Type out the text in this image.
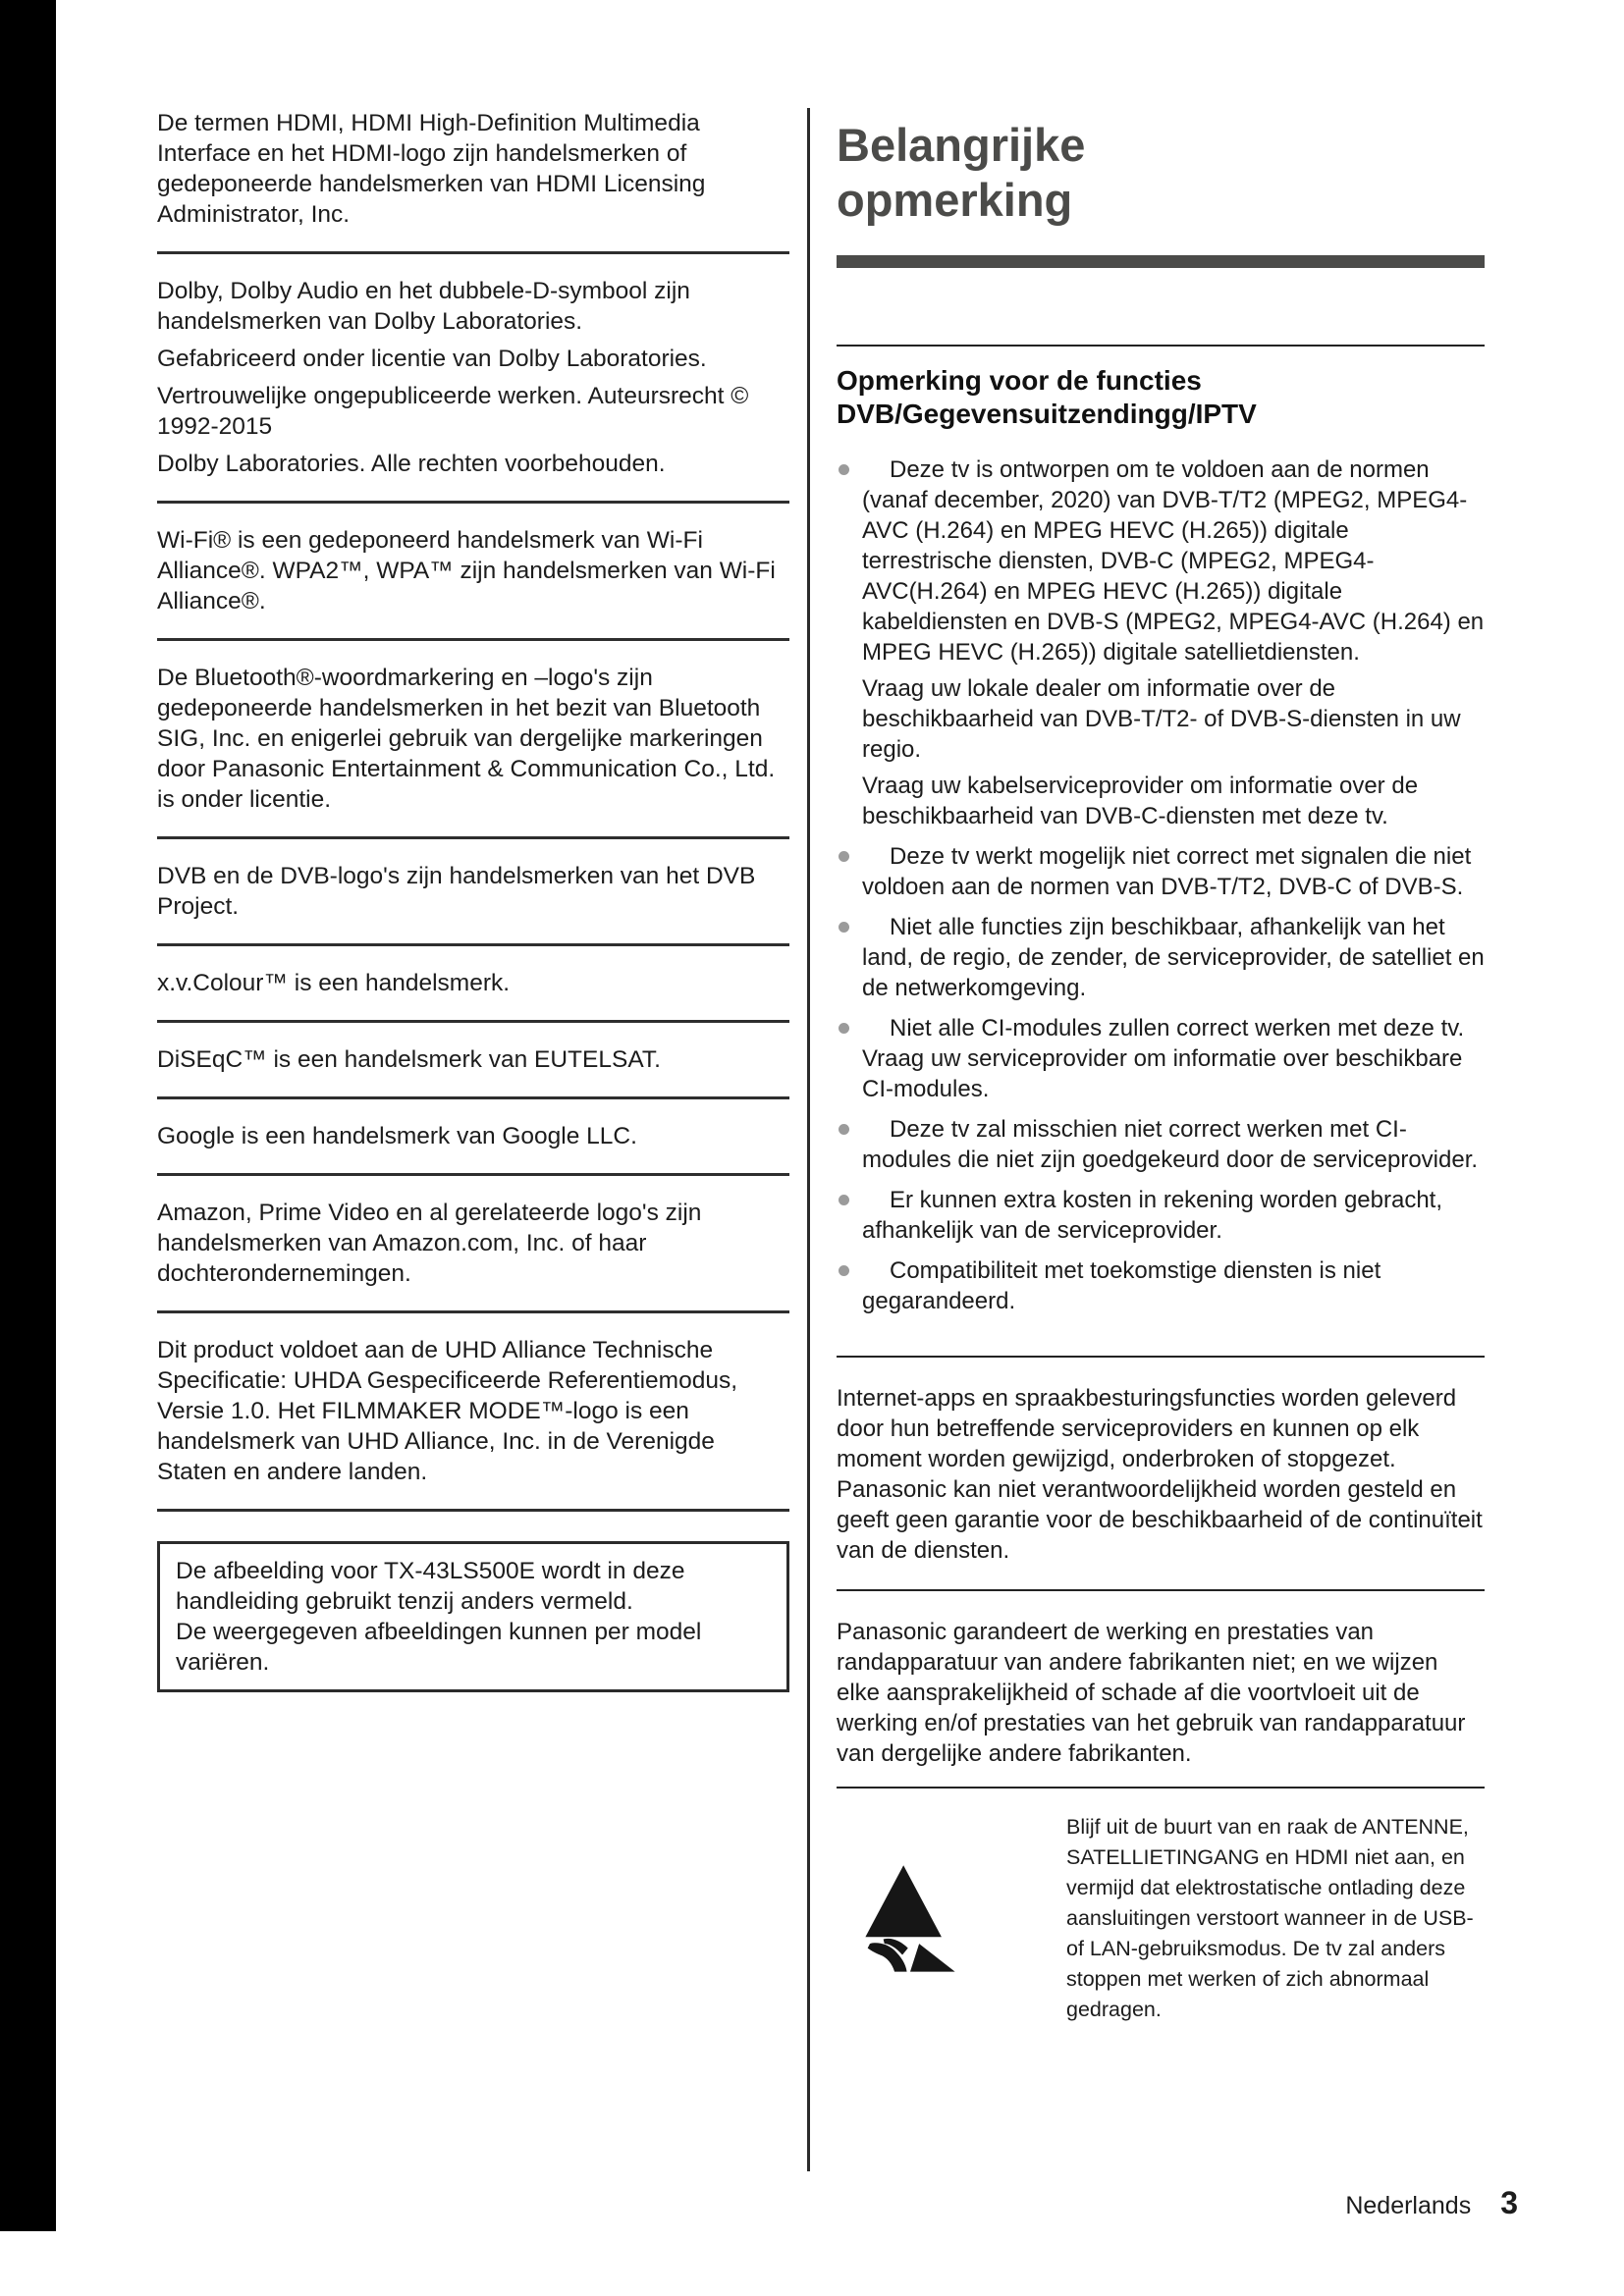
De termen HDMI, HDMI High-Definition Multimedia Interface en het HDMI-logo zijn handelsmerken of gedeponeerde handelsmerken van HDMI Licensing Administrator, Inc.

Dolby, Dolby Audio en het dubbele-D-symbool zijn handelsmerken van Dolby Laboratories.

Gefabriceerd onder licentie van Dolby Laboratories.

Vertrouwelijke ongepubliceerde werken. Auteursrecht © 1992-2015

Dolby Laboratories. Alle rechten voorbehouden.

Wi-Fi® is een gedeponeerd handelsmerk van Wi-Fi Alliance®. WPA2™, WPA™ zijn handelsmerken van Wi-Fi Alliance®.

De Bluetooth®-woordmarkering en –logo's zijn gedeponeerde handelsmerken in het bezit van Bluetooth SIG, Inc. en enigerlei gebruik van dergelijke markeringen door Panasonic Entertainment & Communication Co., Ltd. is onder licentie.

DVB en de DVB-logo's zijn handelsmerken van het DVB Project.

x.v.Colour™ is een handelsmerk.

DiSEqC™ is een handelsmerk van EUTELSAT.

Google is een handelsmerk van Google LLC.

Amazon, Prime Video en al gerelateerde logo's zijn handelsmerken van Amazon.com, Inc. of haar dochterondernemingen.

Dit product voldoet aan de UHD Alliance Technische Specificatie: UHDA Gespecificeerde Referentiemodus, Versie 1.0. Het FILMMAKER MODE™-logo is een handelsmerk van UHD Alliance, Inc. in de Verenigde Staten en andere landen.

De afbeelding voor TX-43LS500E wordt in deze handleiding gebruikt tenzij anders vermeld.

De weergegeven afbeeldingen kunnen per model variëren.

Belangrijke
opmerking
Opmerking voor de functies
DVB/Gegevensuitzendingg/IPTV

Deze tv is ontworpen om te voldoen aan de normen (vanaf december, 2020) van DVB-T/T2 (MPEG2, MPEG4-AVC (H.264) en MPEG HEVC (H.265)) digitale terrestrische diensten, DVB-C (MPEG2, MPEG4-AVC(H.264) en MPEG HEVC (H.265)) digitale kabeldiensten en DVB-S (MPEG2, MPEG4-AVC (H.264) en MPEG HEVC (H.265)) digitale satellietdiensten.

Vraag uw lokale dealer om informatie over de beschikbaarheid van DVB-T/T2- of DVB-S-diensten in uw regio.

Vraag uw kabelserviceprovider om informatie over de beschikbaarheid van DVB-C-diensten met deze tv.

Deze tv werkt mogelijk niet correct met signalen die niet voldoen aan de normen van DVB-T/T2, DVB-C of DVB-S.

Niet alle functies zijn beschikbaar, afhankelijk van het land, de regio, de zender, de serviceprovider, de satelliet en de netwerkomgeving.

Niet alle CI-modules zullen correct werken met deze tv. Vraag uw serviceprovider om informatie over beschikbare CI-modules.

Deze tv zal misschien niet correct werken met CI-modules die niet zijn goedgekeurd door de serviceprovider.

Er kunnen extra kosten in rekening worden gebracht, afhankelijk van de serviceprovider.

Compatibiliteit met toekomstige diensten is niet gegarandeerd.

Internet-apps en spraakbesturingsfuncties worden geleverd door hun betreffende serviceproviders en kunnen op elk moment worden gewijzigd, onderbroken of stopgezet.

Panasonic kan niet verantwoordelijkheid worden gesteld en geeft geen garantie voor de beschikbaarheid of de continuïteit van de diensten.

Panasonic garandeert de werking en prestaties van randapparatuur van andere fabrikanten niet; en we wijzen elke aansprakelijkheid of schade af die voortvloeit uit de werking en/of prestaties van het gebruik van randapparatuur van dergelijke andere fabrikanten.

Blijf uit de buurt van en raak de ANTENNE, SATELLIETINGANG en HDMI niet aan, en vermijd dat elektrostatische ontlading deze aansluitingen verstoort wanneer in de USB- of LAN-gebruiksmodus. De tv zal anders stoppen met werken of zich abnormaal gedragen.

Nederlands 3
